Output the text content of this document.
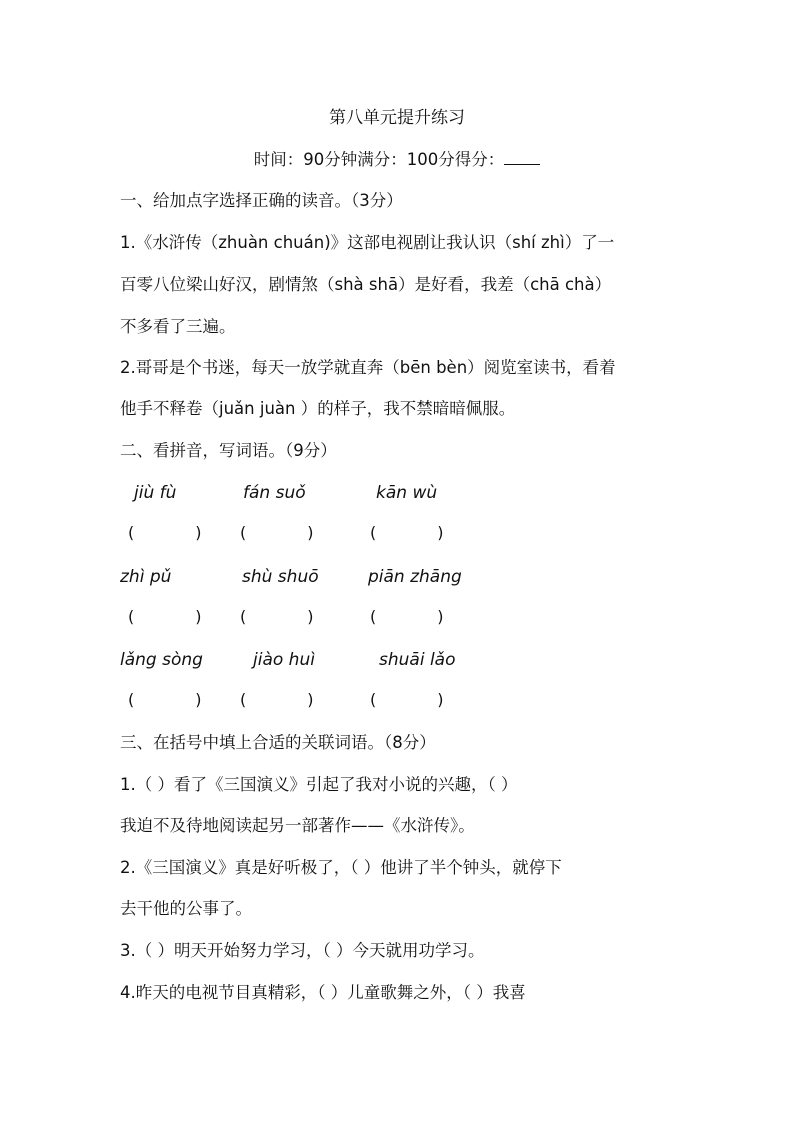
第八单元提升练习
时间：90分钟满分：100分得分：
一、给加点字选择正确的读音。（3分）
1.《水浒传（zhuàn chuán)》这部电视剧让我认识（shí zhì）了一
百零八位梁山好汉，剧情煞（shà shā）是好看，我差（chā chà）
不多看了三遍。
2.哥哥是个书迷，每天一放学就直奔（bēn bèn）阅览室读书，看着
他手不释卷（juǎn juàn ）的样子，我不禁暗暗佩服。
二、看拼音，写词语。（9分）
jiù fù	fán suǒ	kān wù
(            ) (            )	(            )
zhì pǔ	shù shuō	piān zhāng
(            ) (            )	(            )
lǎng sòng	jiào huì	shuāi lǎo
(            ) (            )	(            )
三、在括号中填上合适的关联词语。（8分）
1.（ ）看了《三国演义》引起了我对小说的兴趣，（ ）
我迫不及待地阅读起另一部著作——《水浒传》。
2.《三国演义》真是好听极了，（ ）他讲了半个钟头，就停下
去干他的公事了。
3.（ ）明天开始努力学习，（ ）今天就用功学习。
4.昨天的电视节目真精彩，（ ）儿童歌舞之外，（ ）我喜
